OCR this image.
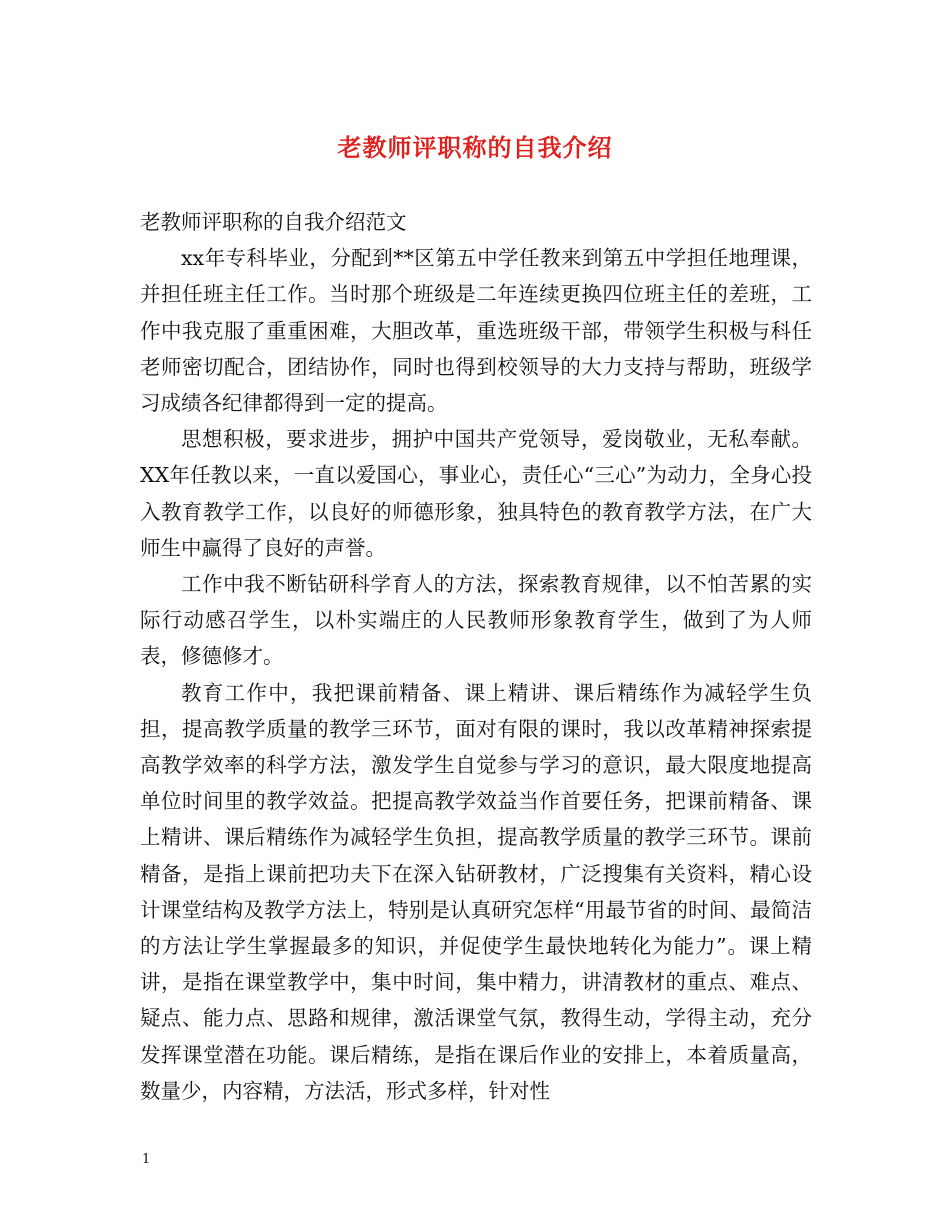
老教师评职称的自我介绍

老教师评职称的自我介绍范文

xx年专科毕业，分配到**区第五中学任教来到第五中学担任地理课，并担任班主任工作。当时那个班级是二年连续更换四位班主任的差班，工作中我克服了重重困难，大胆改革，重选班级干部，带领学生积极与科任老师密切配合，团结协作，同时也得到校领导的大力支持与帮助，班级学习成绩各纪律都得到一定的提高。

思想积极，要求进步，拥护中国共产党领导，爱岗敬业，无私奉献。XX年任教以来，一直以爱国心，事业心，责任心“三心”为动力，全身心投入教育教学工作，以良好的师德形象，独具特色的教育教学方法，在广大师生中赢得了良好的声誉。

工作中我不断钻研科学育人的方法，探索教育规律，以不怕苦累的实际行动感召学生，以朴实端庄的人民教师形象教育学生，做到了为人师表，修德修才。

教育工作中，我把课前精备、课上精讲、课后精练作为减轻学生负担，提高教学质量的教学三环节，面对有限的课时，我以改革精神探索提高教学效率的科学方法，激发学生自觉参与学习的意识，最大限度地提高单位时间里的教学效益。把提高教学效益当作首要任务，把课前精备、课上精讲、课后精练作为减轻学生负担，提高教学质量的教学三环节。课前精备，是指上课前把功夫下在深入钻研教材，广泛搜集有关资料，精心设计课堂结构及教学方法上，特别是认真研究怎样“用最节省的时间、最简洁的方法让学生掌握最多的知识，并促使学生最快地转化为能力”。课上精讲，是指在课堂教学中，集中时间，集中精力，讲清教材的重点、难点、疑点、能力点、思路和规律，激活课堂气氛，教得生动，学得主动，充分发挥课堂潜在功能。课后精练，是指在课后作业的安排上，本着质量高，数量少，内容精，方法活，形式多样，针对性

1
